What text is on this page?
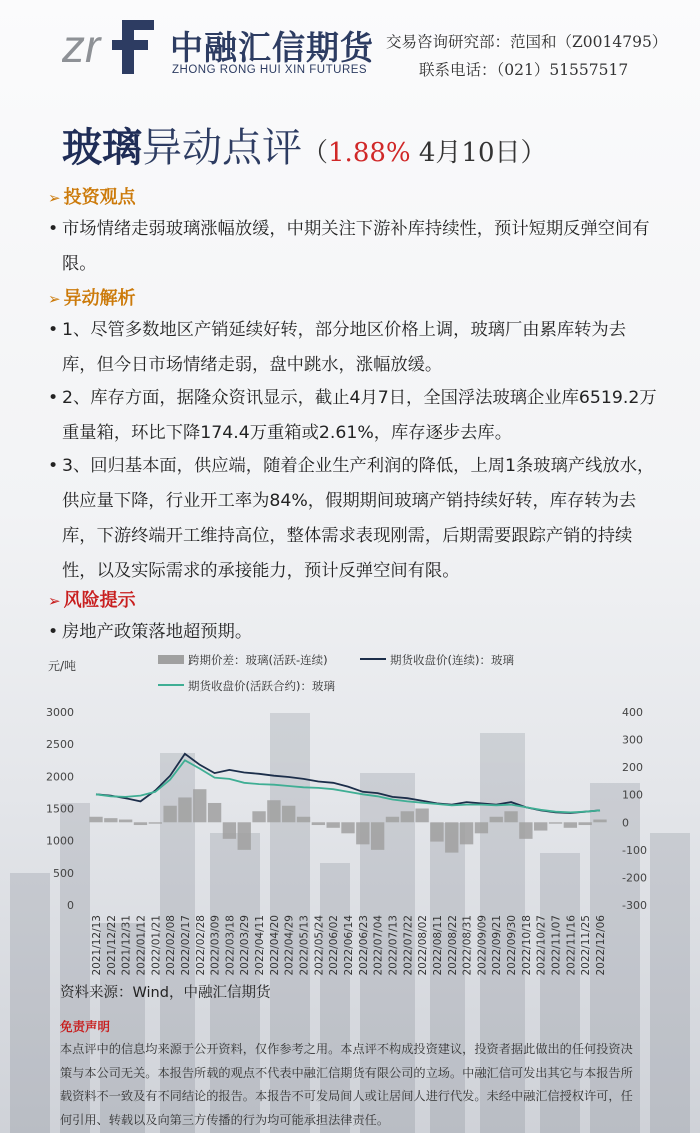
zr 中融汇信期货
ZHONG RONG HUI XIN FUTURES
交易咨询研究部：范国和（Z0014795）
联系电话：（021）51557517
玻璃异动点评（1.88% 4月10日）
➢ 投资观点
• 市场情绪走弱玻璃涨幅放缓，中期关注下游补库持续性，预计短期反弹空间有限。
➢ 异动解析
• 1、尽管多数地区产销延续好转，部分地区价格上调，玻璃厂由累库转为去库，但今日市场情绪走弱，盘中跳水，涨幅放缓。
• 2、库存方面，据隆众资讯显示，截止4月7日，全国浮法玻璃企业库6519.2万重量箱，环比下降174.4万重箱或2.61%，库存逐步去库。
• 3、回归基本面，供应端，随着企业生产利润的降低，上周1条玻璃产线放水，供应量下降，行业开工率为84%，假期期间玻璃产销持续好转，库存转为去库，下游终端开工维持高位，整体需求表现刚需，后期需要跟踪产销的持续性，以及实际需求的承接能力，预计反弹空间有限。
➢ 风险提示
• 房地产政策落地超预期。
元/吨	跨期价差：玻璃(活跃-连续)	期货收盘价(连续)：玻璃
期货收盘价(活跃合约)：玻璃
0
500
1000
1500
2000
2500
3000
-300
-200
-100
0
100
200
300
400
2021/12/13 2021/12/22 2021/12/31 2022/01/12 2022/01/21 2022/02/08 2022/02/17 2022/02/28 2022/03/09 2022/03/18 2022/03/29 2022/04/11 2022/04/20 2022/04/29 2022/05/13 2022/05/24 2022/06/02 2022/06/14 2022/06/23 2022/07/04 2022/07/13 2022/07/22 2022/08/02 2022/08/11 2022/08/22 2022/08/31 2022/09/09 2022/09/21 2022/09/30 2022/10/18 2022/10/27 2022/11/07 2022/11/16 2022/11/25 2022/12/06
资料来源：Wind，中融汇信期货
免责声明
本点评中的信息均来源于公开资料，仅作参考之用。本点评不构成投资建议，投资者据此做出的任何投资决策与本公司无关。本报告所载的观点不代表中融汇信期货有限公司的立场。中融汇信可发出其它与本报告所载资料不一致及有不同结论的报告。本报告不可发局间人或让居间人进行代发。未经中融汇信授权许可，任何引用、转载以及向第三方传播的行为均可能承担法律责任。
